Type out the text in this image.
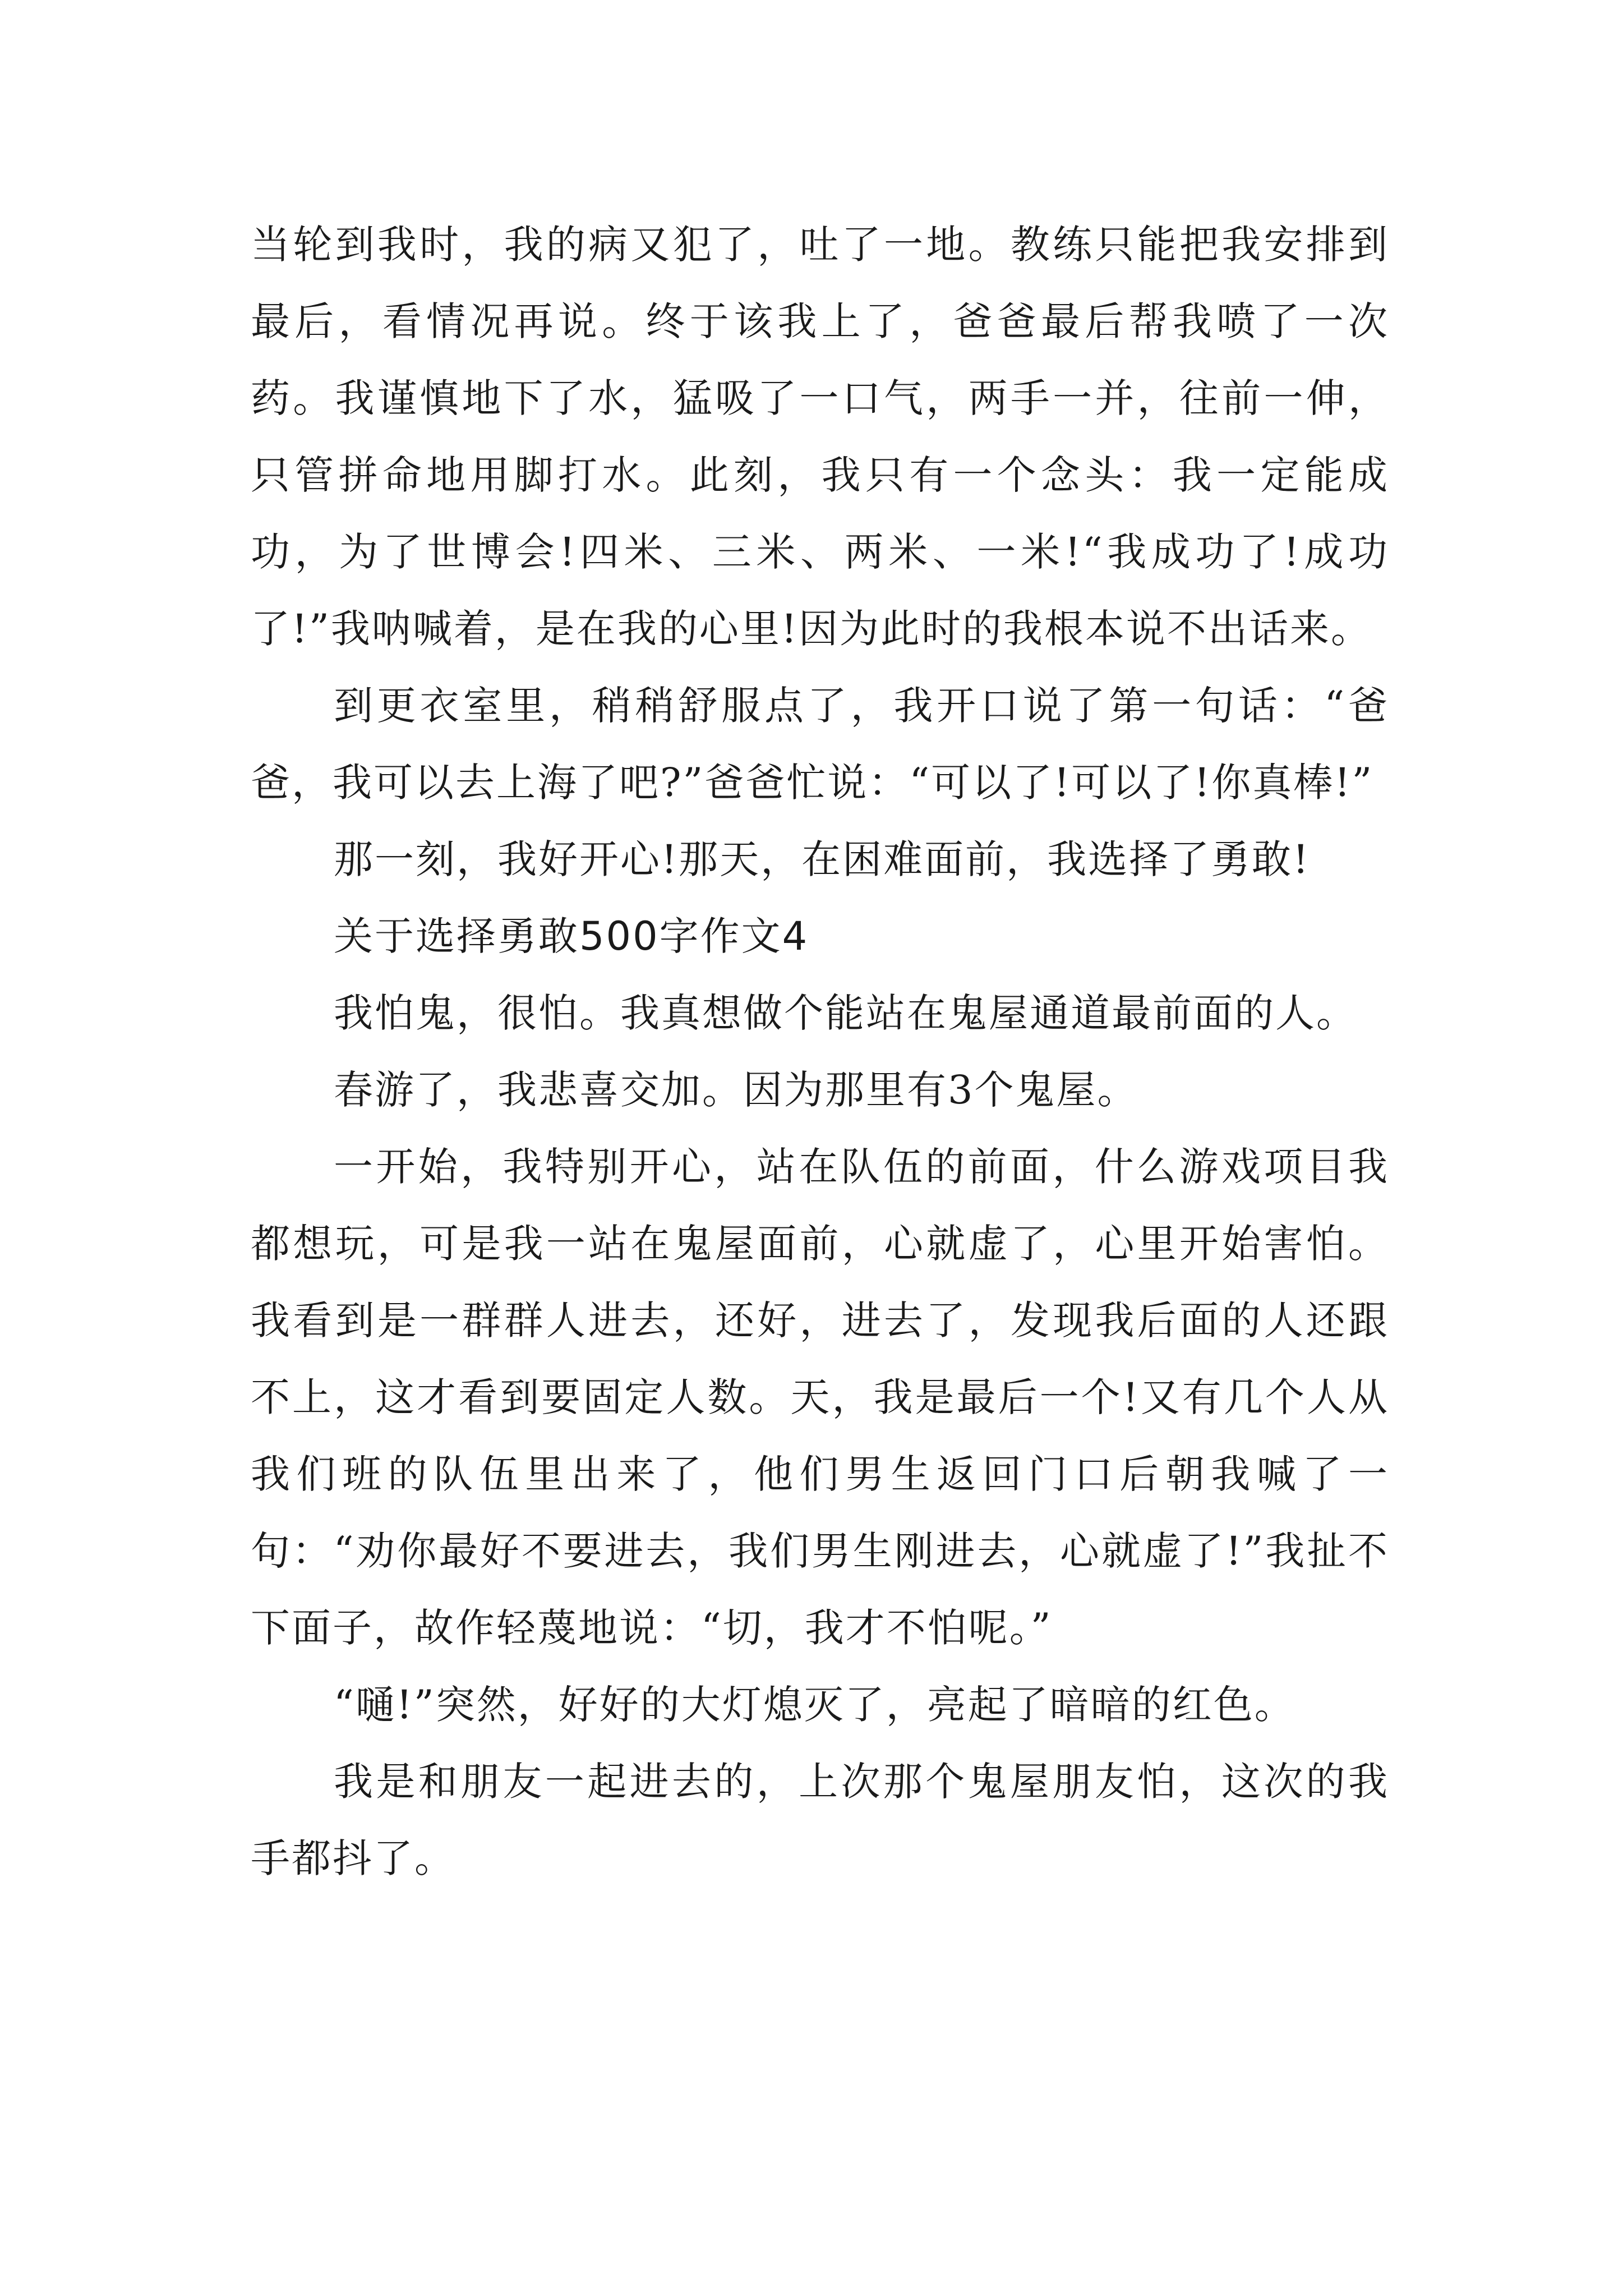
当轮到我时，我的病又犯了，吐了一地。教练只能把我安排到最后，看情况再说。终于该我上了，爸爸最后帮我喷了一次药。我谨慎地下了水，猛吸了一口气，两手一并，往前一伸，只管拼命地用脚打水。此刻，我只有一个念头：我一定能成功，为了世博会!四米、三米、两米、一米!“我成功了!成功了!”我呐喊着，是在我的心里!因为此时的我根本说不出话来。

到更衣室里，稍稍舒服点了，我开口说了第一句话：“爸爸，我可以去上海了吧?”爸爸忙说：“可以了!可以了!你真棒!”

那一刻，我好开心!那天，在困难面前，我选择了勇敢!

关于选择勇敢500字作文4

我怕鬼，很怕。我真想做个能站在鬼屋通道最前面的人。

春游了，我悲喜交加。因为那里有3个鬼屋。

一开始，我特别开心，站在队伍的前面，什么游戏项目我都想玩，可是我一站在鬼屋面前，心就虚了，心里开始害怕。我看到是一群群人进去，还好，进去了，发现我后面的人还跟不上，这才看到要固定人数。天，我是最后一个!又有几个人从我们班的队伍里出来了，他们男生返回门口后朝我喊了一句：“劝你最好不要进去，我们男生刚进去，心就虚了!”我扯不下面子，故作轻蔑地说：“切，我才不怕呢。”

“嗵!”突然，好好的大灯熄灭了，亮起了暗暗的红色。

我是和朋友一起进去的，上次那个鬼屋朋友怕，这次的我手都抖了。
